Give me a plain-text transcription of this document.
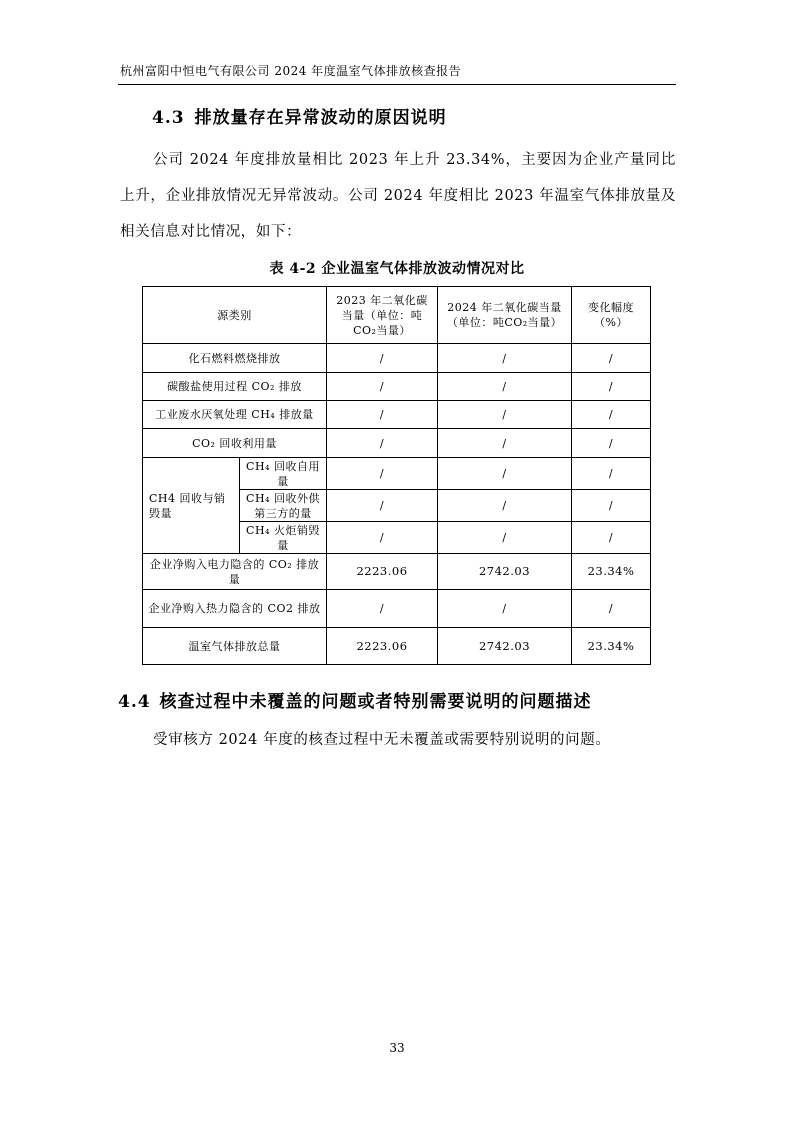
杭州富阳中恒电气有限公司 2024 年度温室气体排放核查报告
4.3 排放量存在异常波动的原因说明
公司 2024 年度排放量相比 2023 年上升 23.34%，主要因为企业产量同比上升，企业排放情况无异常波动。公司 2024 年度相比 2023 年温室气体排放量及相关信息对比情况，如下：
表 4-2 企业温室气体排放波动情况对比
源类别		2023 年二氧化碳当量（单位：吨CO₂当量）	2024 年二氧化碳当量（单位：吨CO₂当量）	变化幅度（%）
化石燃料燃烧排放		/	/	/
碳酸盐使用过程 CO₂ 排放		/	/	/
工业废水厌氧处理 CH₄ 排放量		/	/	/
CO₂ 回收利用量		/	/	/
CH4 回收与销毁量	CH₄ 回收自用量	/	/	/
	CH₄ 回收外供第三方的量	/	/	/
	CH₄ 火炬销毁量	/	/	/
企业净购入电力隐含的 CO₂ 排放量		2223.06	2742.03	23.34%
企业净购入热力隐含的 CO2 排放		/	/	/
温室气体排放总量		2223.06	2742.03	23.34%
4.4 核查过程中未覆盖的问题或者特别需要说明的问题描述
受审核方 2024 年度的核查过程中无未覆盖或需要特别说明的问题。
33
